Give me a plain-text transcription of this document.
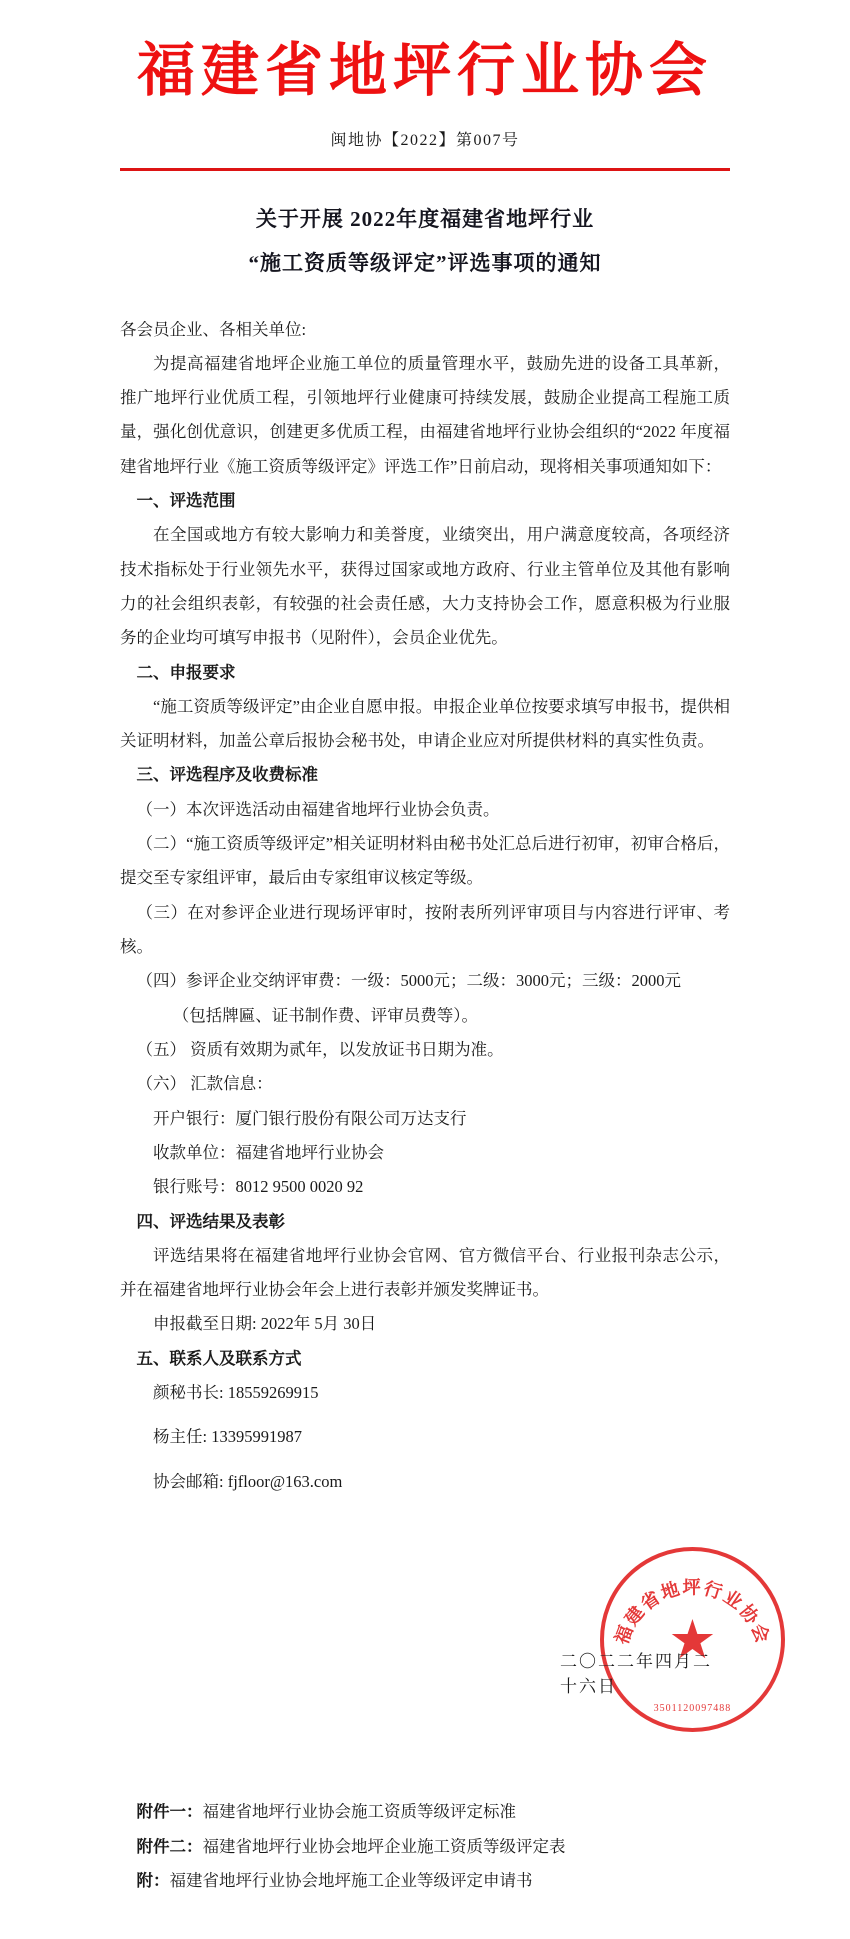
福建省地坪行业协会
闽地协【2022】第007号
关于开展 2022年度福建省地坪行业
“施工资质等级评定”评选事项的通知
各会员企业、各相关单位:

为提高福建省地坪企业施工单位的质量管理水平，鼓励先进的设备工具革新，推广地坪行业优质工程，引领地坪行业健康可持续发展，鼓励企业提高工程施工质量，强化创优意识，创建更多优质工程，由福建省地坪行业协会组织的“2022 年度福建省地坪行业《施工资质等级评定》评选工作”日前启动，现将相关事项通知如下：

一、评选范围

在全国或地方有较大影响力和美誉度，业绩突出，用户满意度较高，各项经济技术指标处于行业领先水平，获得过国家或地方政府、行业主管单位及其他有影响力的社会组织表彰，有较强的社会责任感，大力支持协会工作，愿意积极为行业服务的企业均可填写申报书（见附件），会员企业优先。

二、申报要求

“施工资质等级评定”由企业自愿申报。申报企业单位按要求填写申报书，提供相关证明材料，加盖公章后报协会秘书处，申请企业应对所提供材料的真实性负责。

三、评选程序及收费标准

（一）本次评选活动由福建省地坪行业协会负责。

（二）“施工资质等级评定”相关证明材料由秘书处汇总后进行初审，初审合格后，提交至专家组评审，最后由专家组审议核定等级。

（三）在对参评企业进行现场评审时，按附表所列评审项目与内容进行评审、考核。

（四）参评企业交纳评审费：一级：5000元；二级：3000元；三级：2000元

（包括牌匾、证书制作费、评审员费等）。

（五） 资质有效期为贰年，以发放证书日期为准。

（六） 汇款信息：

开户银行：厦门银行股份有限公司万达支行

收款单位：福建省地坪行业协会

银行账号：8012 9500 0020 92

四、评选结果及表彰

评选结果将在福建省地坪行业协会官网、官方微信平台、行业报刊杂志公示，并在福建省地坪行业协会年会上进行表彰并颁发奖牌证书。

申报截至日期: 2022年 5月 30日

五、联系人及联系方式

颜秘书长: 18559269915

杨主任: 13395991987

协会邮箱: fjfloor@163.com

福建省地坪行业协会
★
3501120097488
二〇二二年四月二十六日
附件一：福建省地坪行业协会施工资质等级评定标准
附件二：福建省地坪行业协会地坪企业施工资质等级评定表
附：福建省地坪行业协会地坪施工企业等级评定申请书
